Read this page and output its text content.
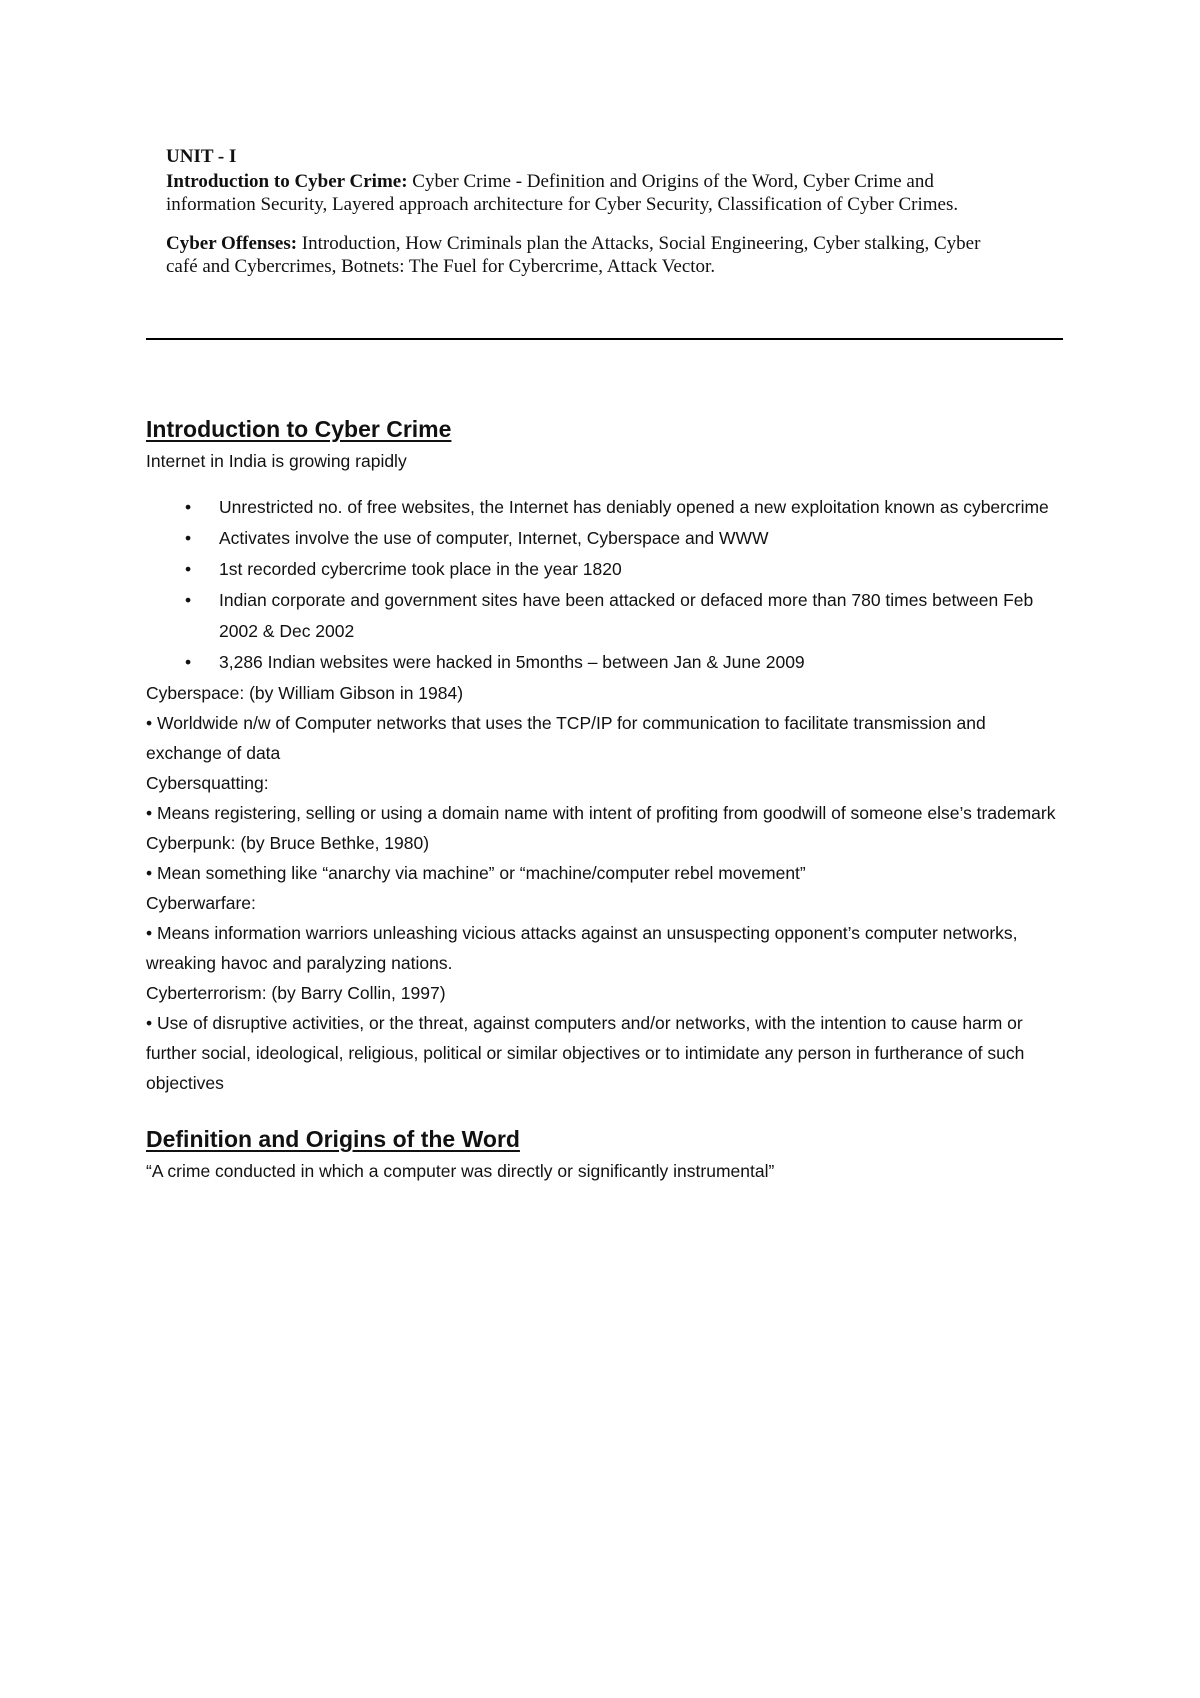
UNIT - I

Introduction to Cyber Crime: Cyber Crime - Definition and Origins of the Word, Cyber Crime and information Security, Layered approach architecture for Cyber Security, Classification of Cyber Crimes.

Cyber Offenses: Introduction, How Criminals plan the Attacks, Social Engineering, Cyber stalking, Cyber café and Cybercrimes, Botnets: The Fuel for Cybercrime, Attack Vector.

Introduction to Cyber Crime

Internet in India is growing rapidly

• Unrestricted no. of free websites, the Internet has deniably opened a new exploitation known as cybercrime
• Activates involve the use of computer, Internet, Cyberspace and WWW
• 1st recorded cybercrime took place in the year 1820
• Indian corporate and government sites have been attacked or defaced more than 780 times between Feb 2002 & Dec 2002
• 3,286 Indian websites were hacked in 5months – between Jan & June 2009

Cyberspace: (by William Gibson in 1984)

• Worldwide n/w of Computer networks that uses the TCP/IP for communication to facilitate transmission and exchange of data

Cybersquatting:

• Means registering, selling or using a domain name with intent of profiting from goodwill of someone else’s trademark

Cyberpunk: (by Bruce Bethke, 1980)

• Mean something like “anarchy via machine” or “machine/computer rebel movement”

Cyberwarfare:

• Means information warriors unleashing vicious attacks against an unsuspecting opponent’s computer networks, wreaking havoc and paralyzing nations.

Cyberterrorism: (by Barry Collin, 1997)

• Use of disruptive activities, or the threat, against computers and/or networks, with the intention to cause harm or further social, ideological, religious, political or similar objectives or to intimidate any person in furtherance of such objectives

Definition and Origins of the Word

“A crime conducted in which a computer was directly or significantly instrumental”
